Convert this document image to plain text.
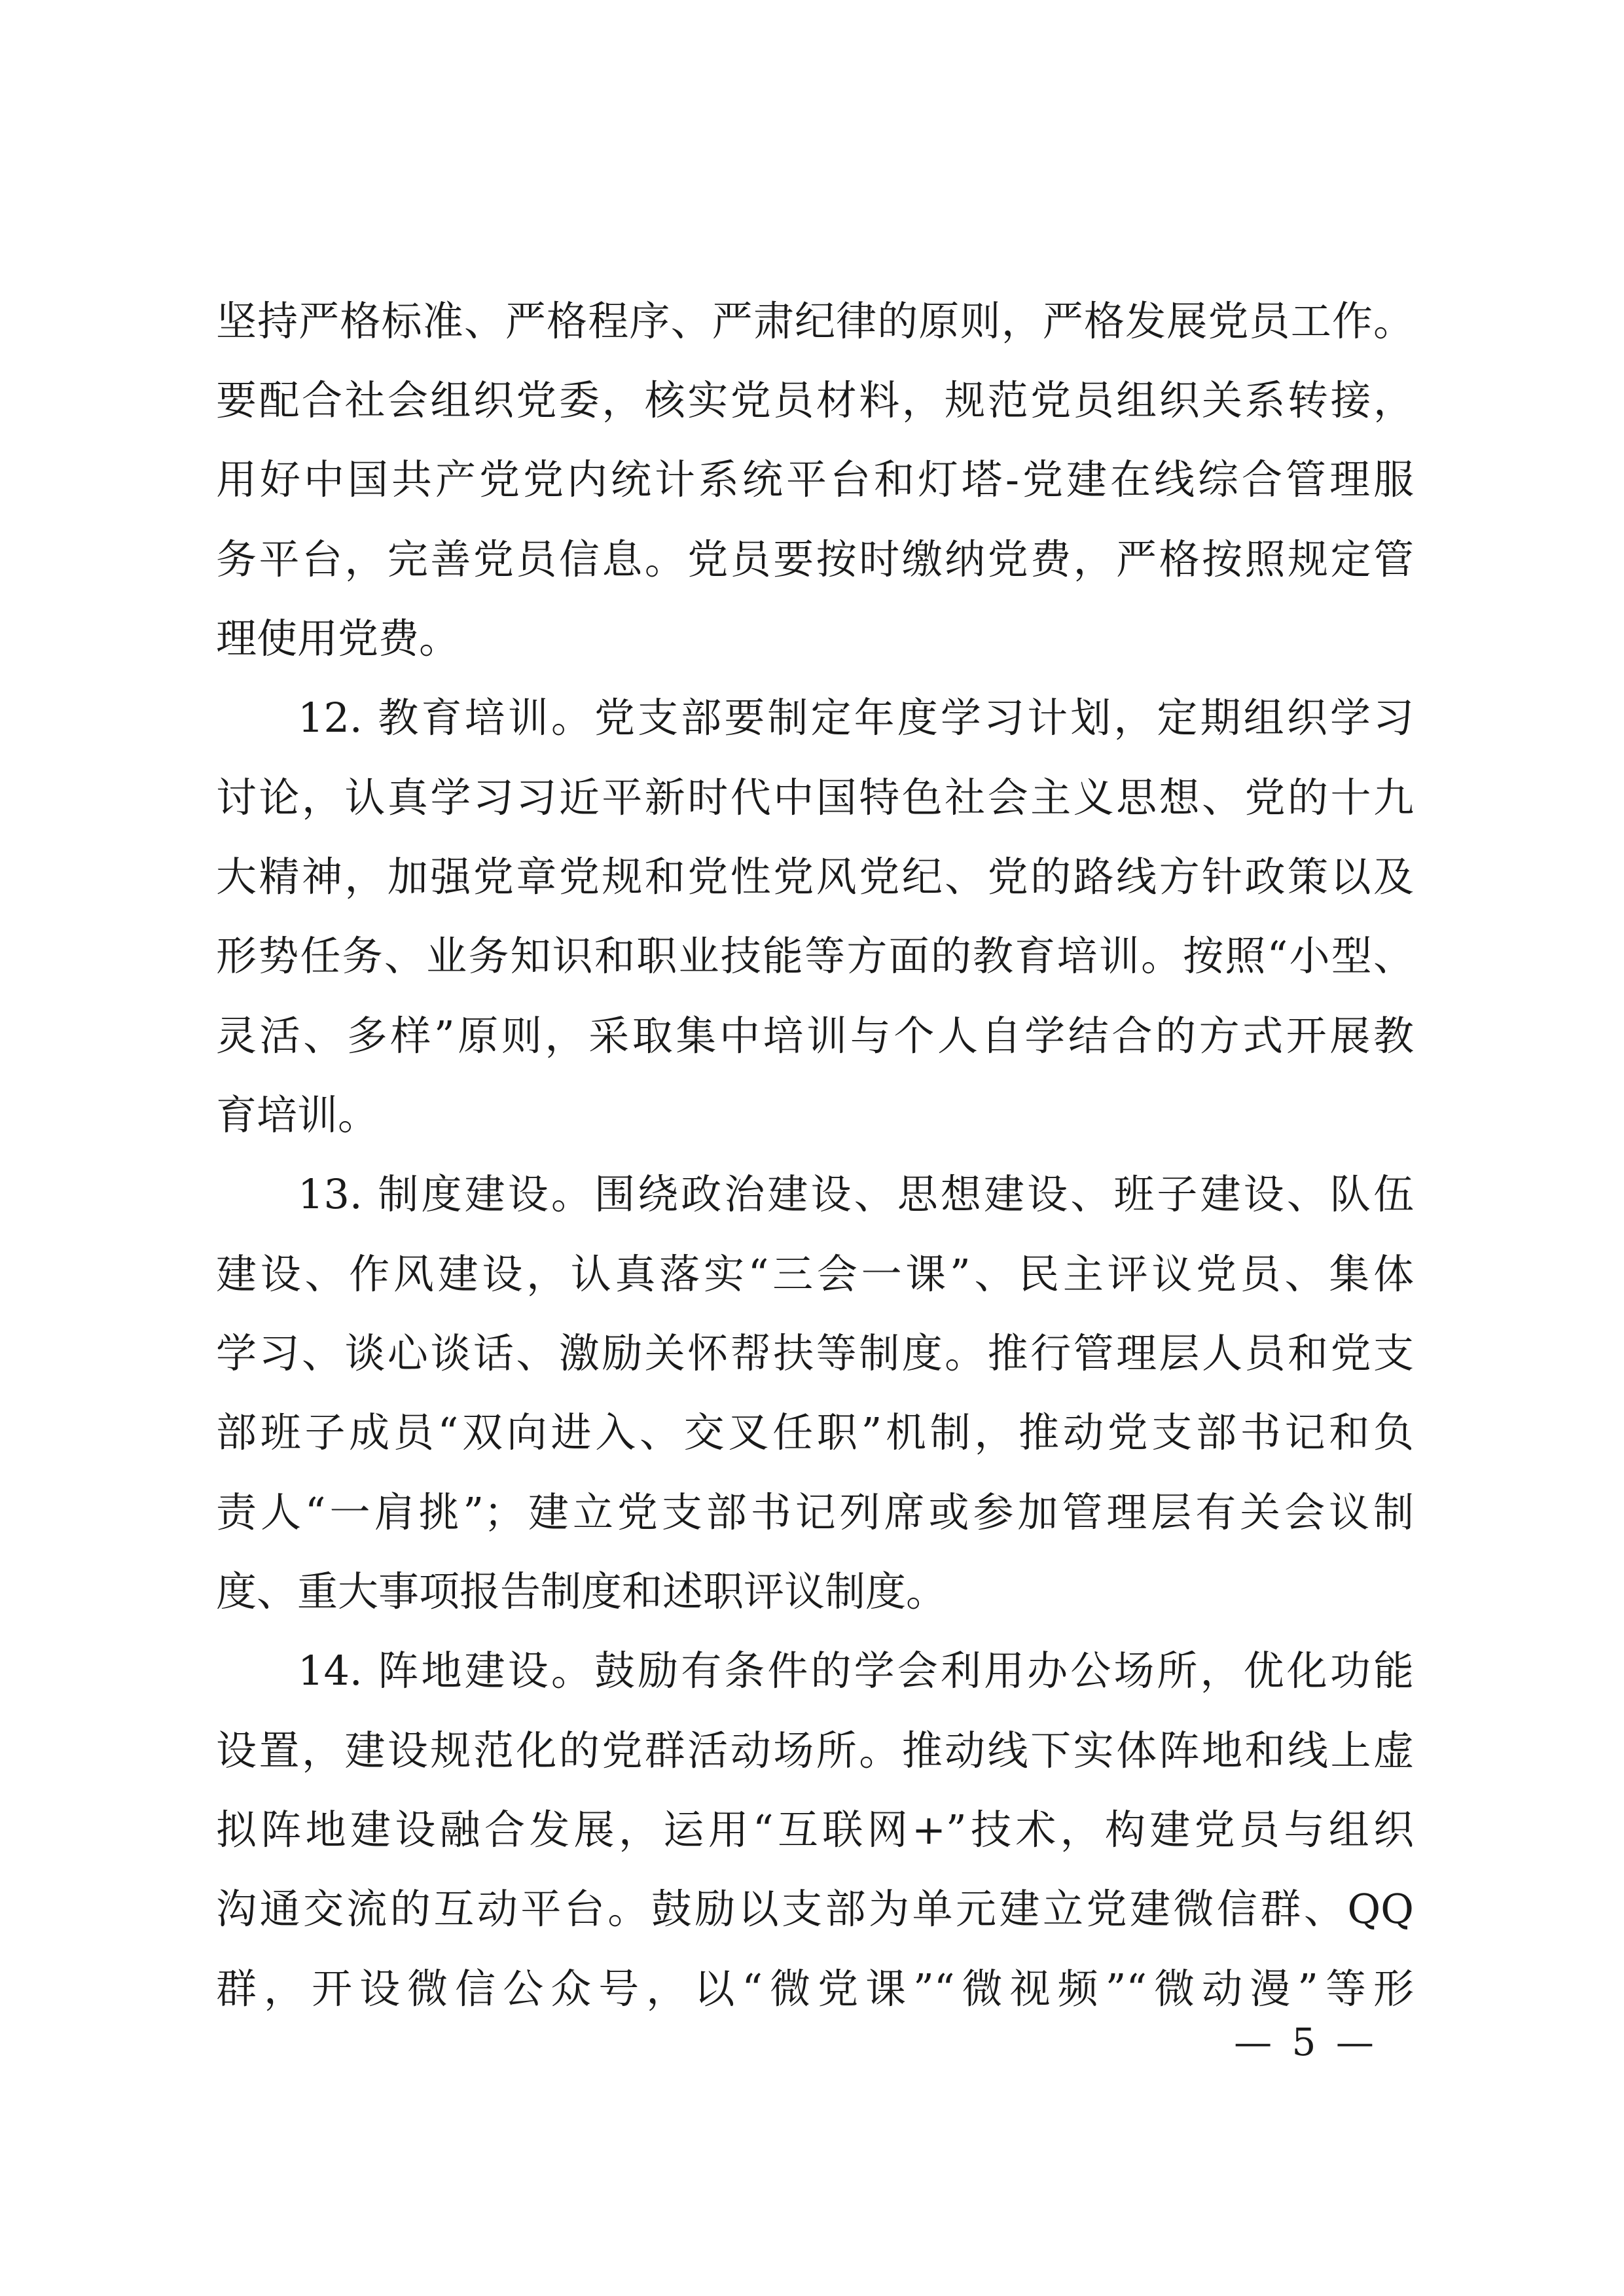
坚持严格标准、严格程序、严肃纪律的原则，严格发展党员工作。
要配合社会组织党委，核实党员材料，规范党员组织关系转接，
用好中国共产党党内统计系统平台和灯塔-党建在线综合管理服
务平台，完善党员信息。党员要按时缴纳党费，严格按照规定管
理使用党费。
12. 教育培训。党支部要制定年度学习计划，定期组织学习
讨论，认真学习习近平新时代中国特色社会主义思想、党的十九
大精神，加强党章党规和党性党风党纪、党的路线方针政策以及
形势任务、业务知识和职业技能等方面的教育培训。按照“小型、
灵活、多样”原则，采取集中培训与个人自学结合的方式开展教
育培训。
13. 制度建设。围绕政治建设、思想建设、班子建设、队伍
建设、作风建设，认真落实“三会一课”、民主评议党员、集体
学习、谈心谈话、激励关怀帮扶等制度。推行管理层人员和党支
部班子成员“双向进入、交叉任职”机制，推动党支部书记和负
责人“一肩挑”；建立党支部书记列席或参加管理层有关会议制
度、重大事项报告制度和述职评议制度。
14. 阵地建设。鼓励有条件的学会利用办公场所，优化功能
设置，建设规范化的党群活动场所。推动线下实体阵地和线上虚
拟阵地建设融合发展，运用“互联网+”技术，构建党员与组织
沟通交流的互动平台。鼓励以支部为单元建立党建微信群、QQ
群，开设微信公众号，以“微党课”“微视频”“微动漫”等形
— 5 —
